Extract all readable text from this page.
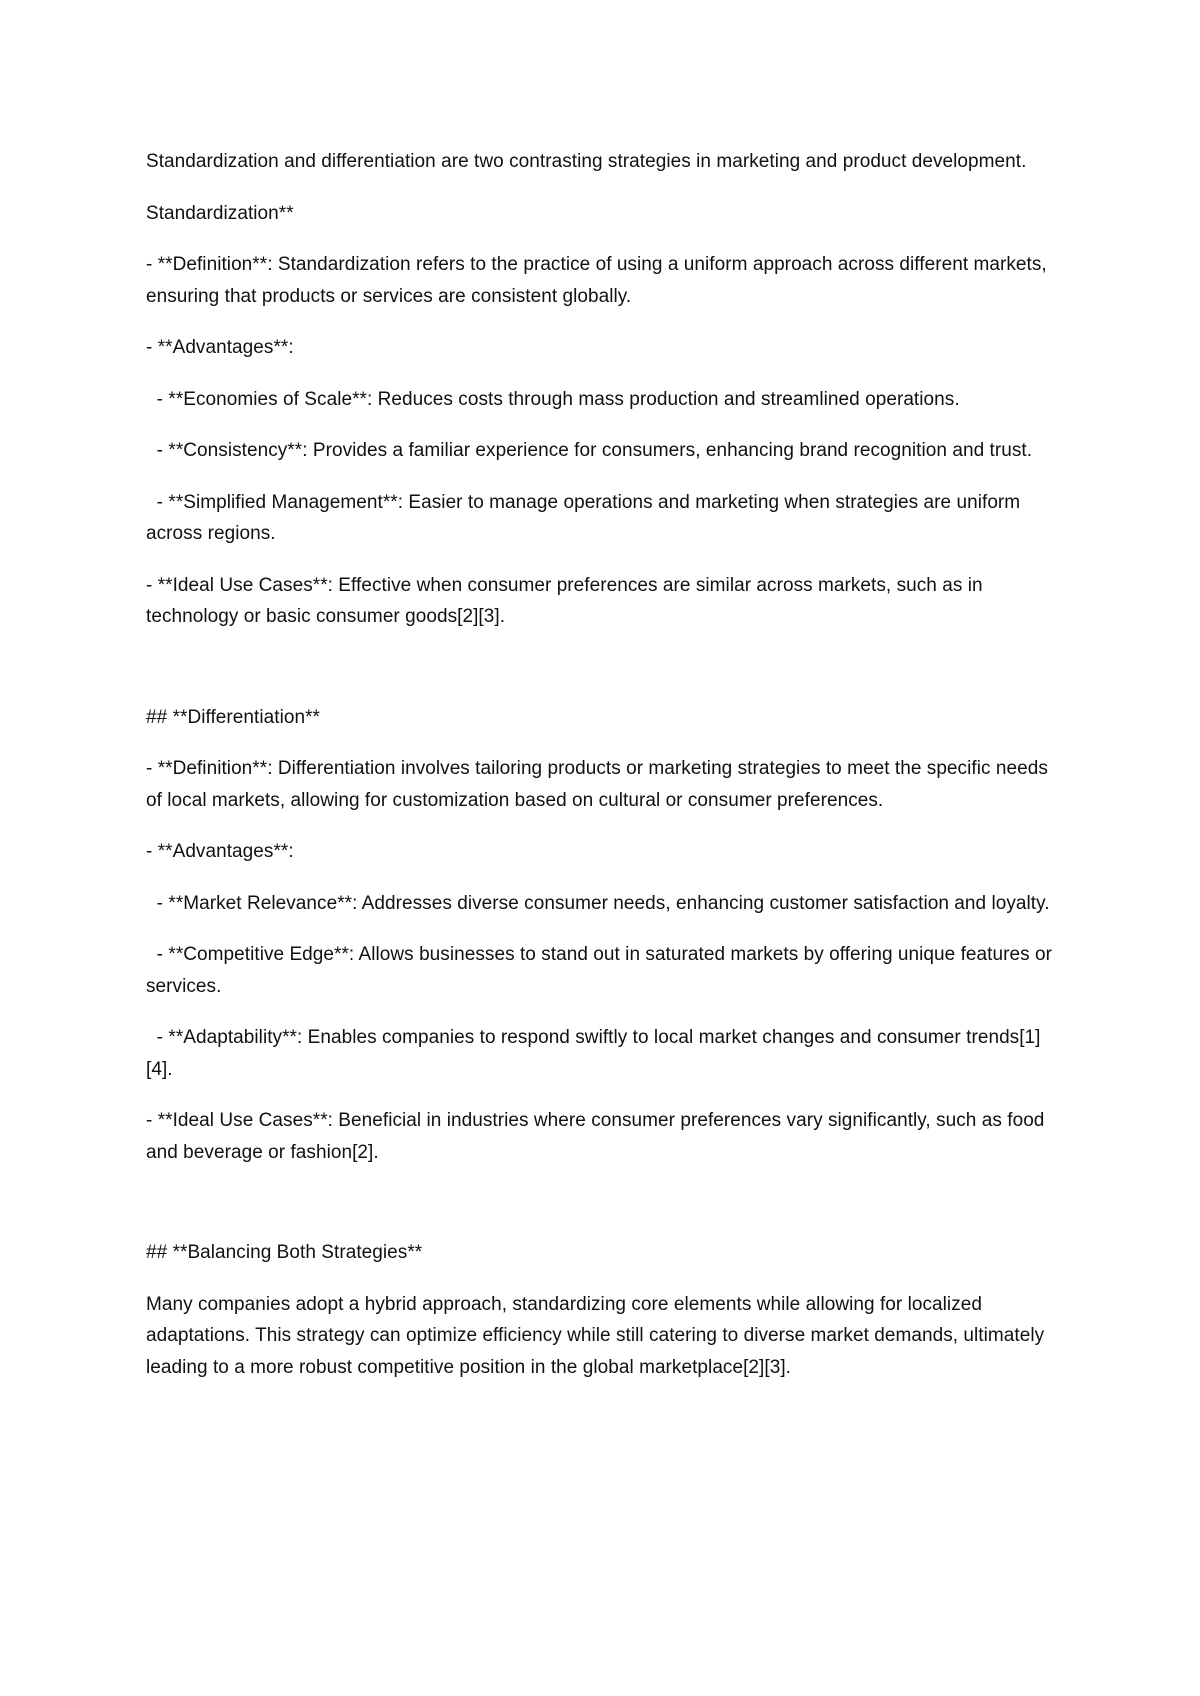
Standardization and differentiation are two contrasting strategies in marketing and product development.

Standardization**

- **Definition**: Standardization refers to the practice of using a uniform approach across different markets, ensuring that products or services are consistent globally.

- **Advantages**:

- **Economies of Scale**: Reduces costs through mass production and streamlined operations.

- **Consistency**: Provides a familiar experience for consumers, enhancing brand recognition and trust.

- **Simplified Management**: Easier to manage operations and marketing when strategies are uniform across regions.

- **Ideal Use Cases**: Effective when consumer preferences are similar across markets, such as in technology or basic consumer goods[2][3].

## **Differentiation**

- **Definition**: Differentiation involves tailoring products or marketing strategies to meet the specific needs of local markets, allowing for customization based on cultural or consumer preferences.

- **Advantages**:

- **Market Relevance**: Addresses diverse consumer needs, enhancing customer satisfaction and loyalty.

- **Competitive Edge**: Allows businesses to stand out in saturated markets by offering unique features or services.

- **Adaptability**: Enables companies to respond swiftly to local market changes and consumer trends[1][4].

- **Ideal Use Cases**: Beneficial in industries where consumer preferences vary significantly, such as food and beverage or fashion[2].

## **Balancing Both Strategies**

Many companies adopt a hybrid approach, standardizing core elements while allowing for localized adaptations. This strategy can optimize efficiency while still catering to diverse market demands, ultimately leading to a more robust competitive position in the global marketplace[2][3].
